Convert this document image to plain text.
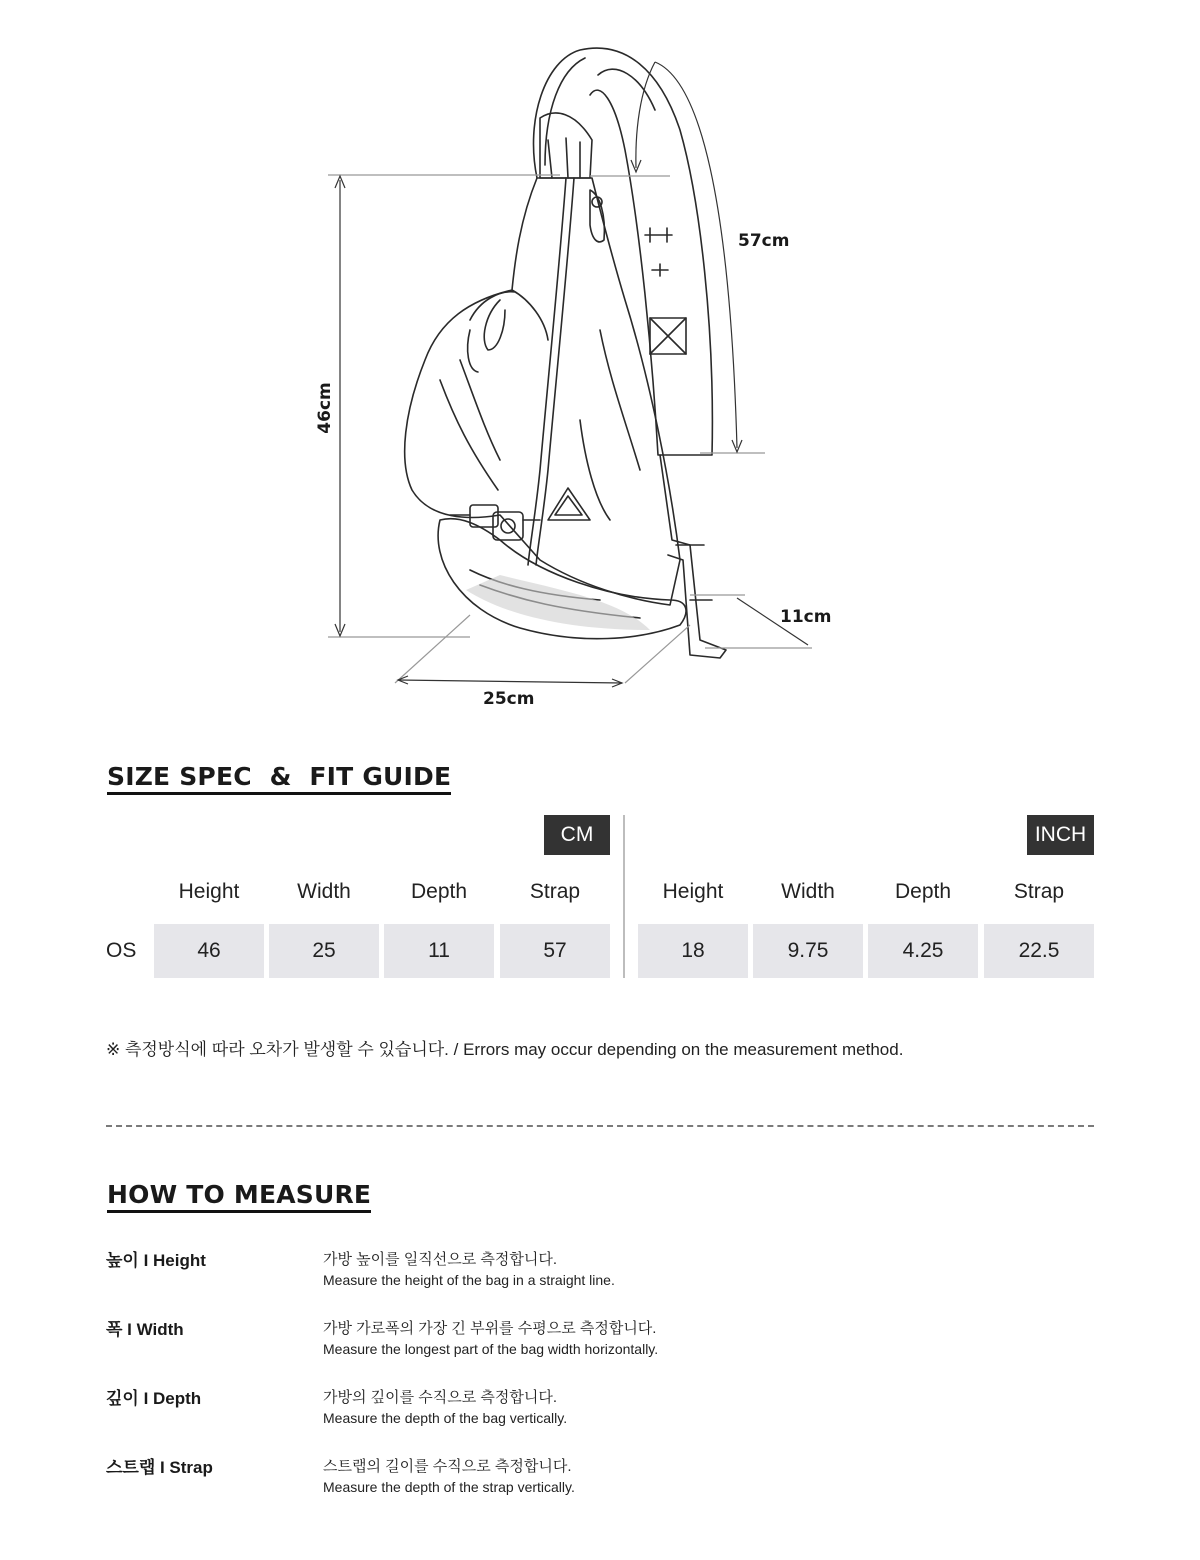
46cm
57cm
11cm
25cm
SIZE SPEC  &  FIT GUIDE
CM	INCH
Height	Width	Depth	Strap	Height	Width	Depth	Strap
OS	46	25	11	57	18	9.75	4.25	22.5

※ 측정방식에 따라 오차가 발생할 수 있습니다. / Errors may occur depending on the measurement method.

HOW TO MEASURE
높이 I Height	가방 높이를 일직선으로 측정합니다.
Measure the height of the bag in a straight line.
폭 I Width	가방 가로폭의 가장 긴 부위를 수평으로 측정합니다.
Measure the longest part of the bag width horizontally.
깊이 I Depth	가방의 깊이를 수직으로 측정합니다.
Measure the depth of the bag vertically.
스트랩 I Strap	스트랩의 길이를 수직으로 측정합니다.
Measure the depth of the strap vertically.
